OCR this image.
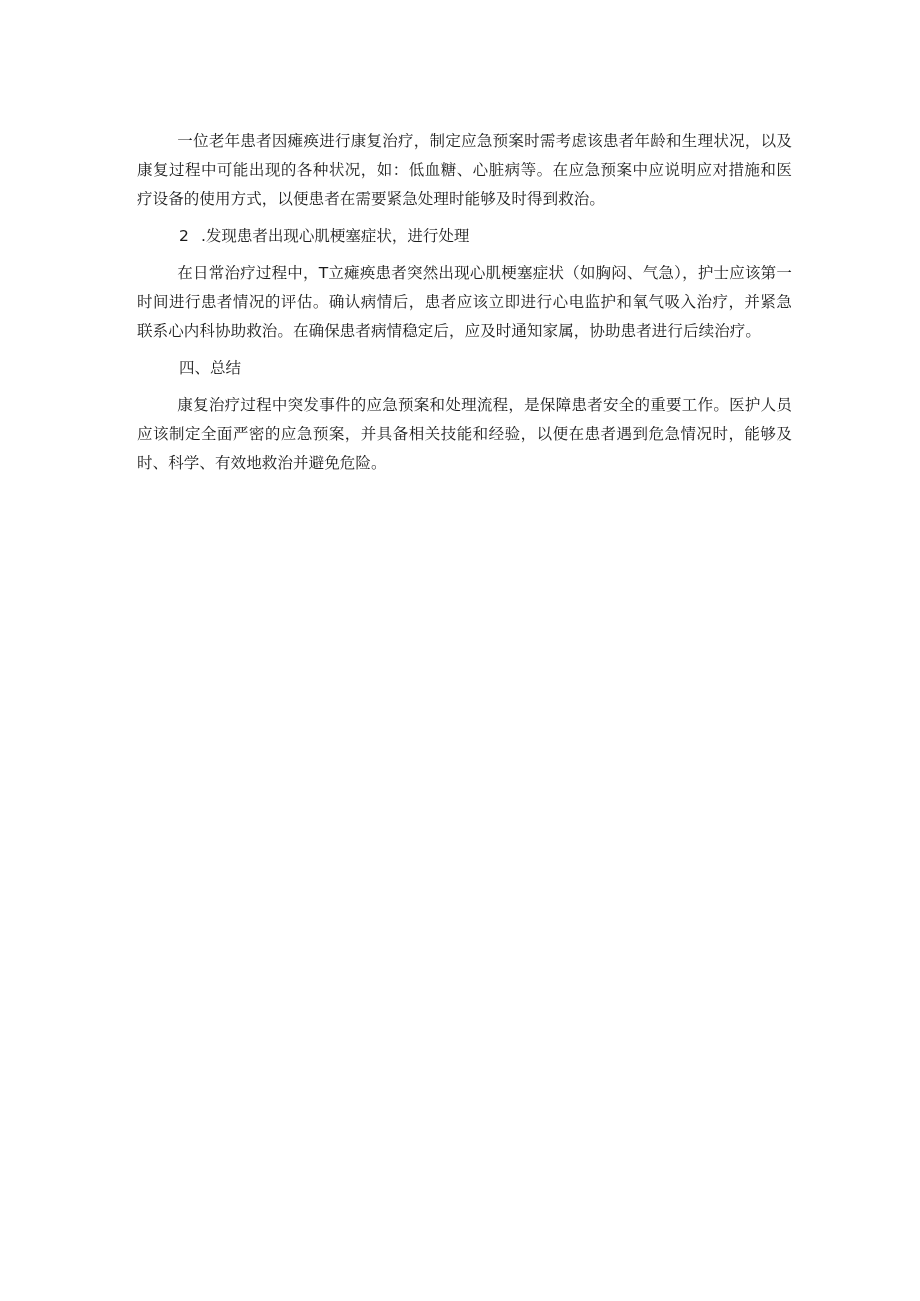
一位老年患者因瘫痪进行康复治疗，制定应急预案时需考虑该患者年龄和生理状况，以及康复过程中可能出现的各种状况，如：低血糖、心脏病等。在应急预案中应说明应对措施和医疗设备的使用方式，以便患者在需要紧急处理时能够及时得到救治。

2 .发现患者出现心肌梗塞症状，进行处理

在日常治疗过程中，T立瘫痪患者突然出现心肌梗塞症状（如胸闷、气急），护士应该第一时间进行患者情况的评估。确认病情后，患者应该立即进行心电监护和氧气吸入治疗，并紧急联系心内科协助救治。在确保患者病情稳定后，应及时通知家属，协助患者进行后续治疗。

四、总结

康复治疗过程中突发事件的应急预案和处理流程，是保障患者安全的重要工作。医护人员应该制定全面严密的应急预案，并具备相关技能和经验，以便在患者遇到危急情况时，能够及时、科学、有效地救治并避免危险。
